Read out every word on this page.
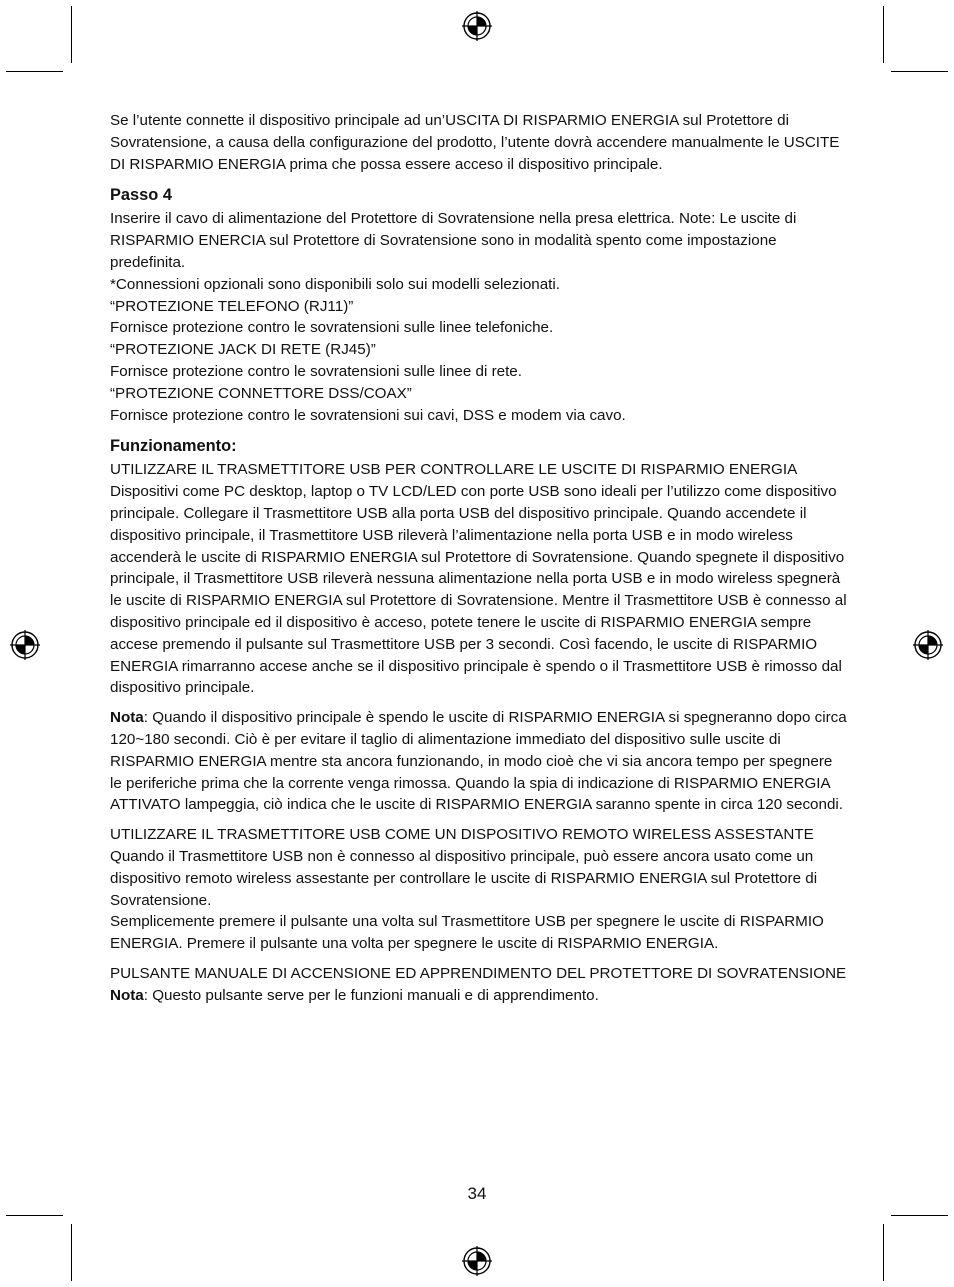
Se l’utente connette il dispositivo principale ad un’USCITA DI RISPARMIO ENERGIA sul Protettore di Sovratensione, a causa della configurazione del prodotto, l’utente dovrà accendere manualmente le USCITE DI RISPARMIO ENERGIA prima che possa essere acceso il dispositivo principale.

Passo 4

Inserire il cavo di alimentazione del Protettore di Sovratensione nella presa elettrica. Note: Le uscite di RISPARMIO ENERCIA sul Protettore di Sovratensione sono in modalità spento come impostazione predefinita.

*Connessioni opzionali sono disponibili solo sui modelli selezionati.

“PROTEZIONE TELEFONO (RJ11)”

Fornisce protezione contro le sovratensioni sulle linee telefoniche.

“PROTEZIONE JACK DI RETE (RJ45)”

Fornisce protezione contro le sovratensioni sulle linee di rete.

“PROTEZIONE CONNETTORE DSS/COAX”

Fornisce protezione contro le sovratensioni sui cavi, DSS e modem via cavo.

Funzionamento:

UTILIZZARE IL TRASMETTITORE USB PER CONTROLLARE LE USCITE DI RISPARMIO ENERGIA

Dispositivi come PC desktop, laptop o TV LCD/LED con porte USB sono ideali per l’utilizzo come dispositivo principale. Collegare il Trasmettitore USB alla porta USB del dispositivo principale. Quando accendete il dispositivo principale, il Trasmettitore USB rileverà l’alimentazione nella porta USB e in modo wireless accenderà le uscite di RISPARMIO ENERGIA sul Protettore di Sovratensione. Quando spegnete il dispositivo principale, il Trasmettitore USB rileverà nessuna alimentazione nella porta USB e in modo wireless spegnerà le uscite di RISPARMIO ENERGIA sul Protettore di Sovratensione. Mentre il Trasmettitore USB è connesso al dispositivo principale ed il dispositivo è acceso, potete tenere le uscite di RISPARMIO ENERGIA sempre accese premendo il pulsante sul Trasmettitore USB per 3 secondi. Così facendo, le uscite di RISPARMIO ENERGIA rimarranno accese anche se il dispositivo principale è spendo o il Trasmettitore USB è rimosso dal dispositivo principale.

Nota: Quando il dispositivo principale è spendo le uscite di RISPARMIO ENERGIA si spegneranno dopo circa 120~180 secondi. Ciò è per evitare il taglio di alimentazione immediato del dispositivo sulle uscite di RISPARMIO ENERGIA mentre sta ancora funzionando, in modo cioè che vi sia ancora tempo per spegnere le periferiche prima che la corrente venga rimossa. Quando la spia di indicazione di RISPARMIO ENERGIA ATTIVATO lampeggia, ciò indica che le uscite di RISPARMIO ENERGIA saranno spente in circa 120 secondi.

UTILIZZARE IL TRASMETTITORE USB COME UN DISPOSITIVO REMOTO WIRELESS ASSESTANTE

Quando il Trasmettitore USB non è connesso al dispositivo principale, può essere ancora usato come un dispositivo remoto wireless assestante per controllare le uscite di RISPARMIO ENERGIA sul Protettore di Sovratensione.

Semplicemente premere il pulsante una volta sul Trasmettitore USB per spegnere le uscite di RISPARMIO ENERGIA. Premere il pulsante una volta per spegnere le uscite di RISPARMIO ENERGIA.

PULSANTE MANUALE DI ACCENSIONE ED APPRENDIMENTO DEL PROTETTORE DI SOVRATENSIONE

Nota: Questo pulsante serve per le funzioni manuali e di apprendimento.

34
